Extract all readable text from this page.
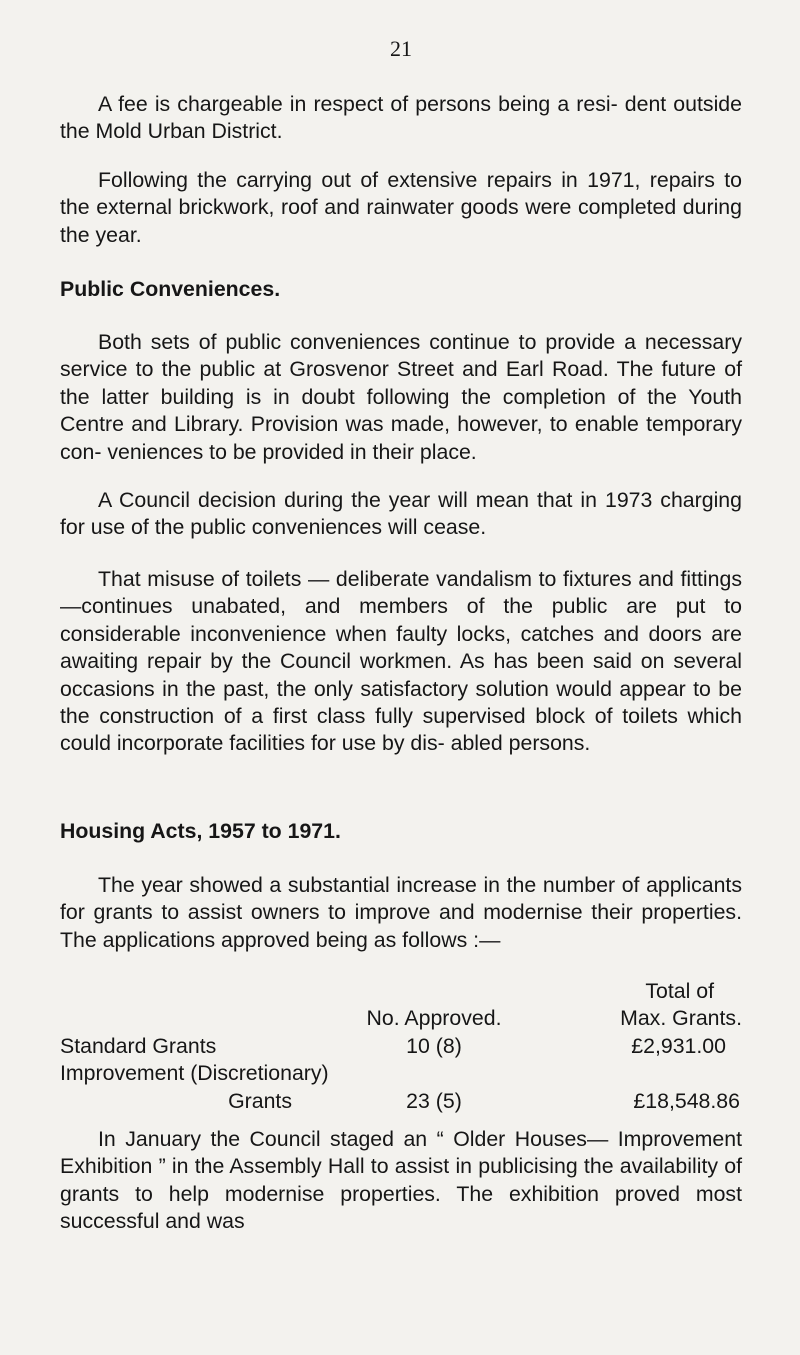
21

A fee is chargeable in respect of persons being a resi- dent outside the Mold Urban District.

Following the carrying out of extensive repairs in 1971, repairs to the external brickwork, roof and rainwater goods were completed during the year.

Public Conveniences.

Both sets of public conveniences continue to provide a necessary service to the public at Grosvenor Street and Earl Road. The future of the latter building is in doubt following the completion of the Youth Centre and Library. Provision was made, however, to enable temporary con- veniences to be provided in their place.

A Council decision during the year will mean that in 1973 charging for use of the public conveniences will cease.

That misuse of toilets — deliberate vandalism to fixtures and fittings—continues unabated, and members of the public are put to considerable inconvenience when faulty locks, catches and doors are awaiting repair by the Council workmen. As has been said on several occasions in the past, the only satisfactory solution would appear to be the construction of a first class fully supervised block of toilets which could incorporate facilities for use by dis- abled persons.

Housing Acts, 1957 to 1971.

The year showed a substantial increase in the number of applicants for grants to assist owners to improve and modernise their properties. The applications approved being as follows :—

		Total of
	No. Approved.	Max. Grants.
Standard Grants	10 (8)	£2,931.00
Improvement (Discretionary)		
Grants	23 (5)	£18,548.86

In January the Council staged an “ Older Houses— Improvement Exhibition ” in the Assembly Hall to assist in publicising the availability of grants to help modernise properties. The exhibition proved most successful and was
